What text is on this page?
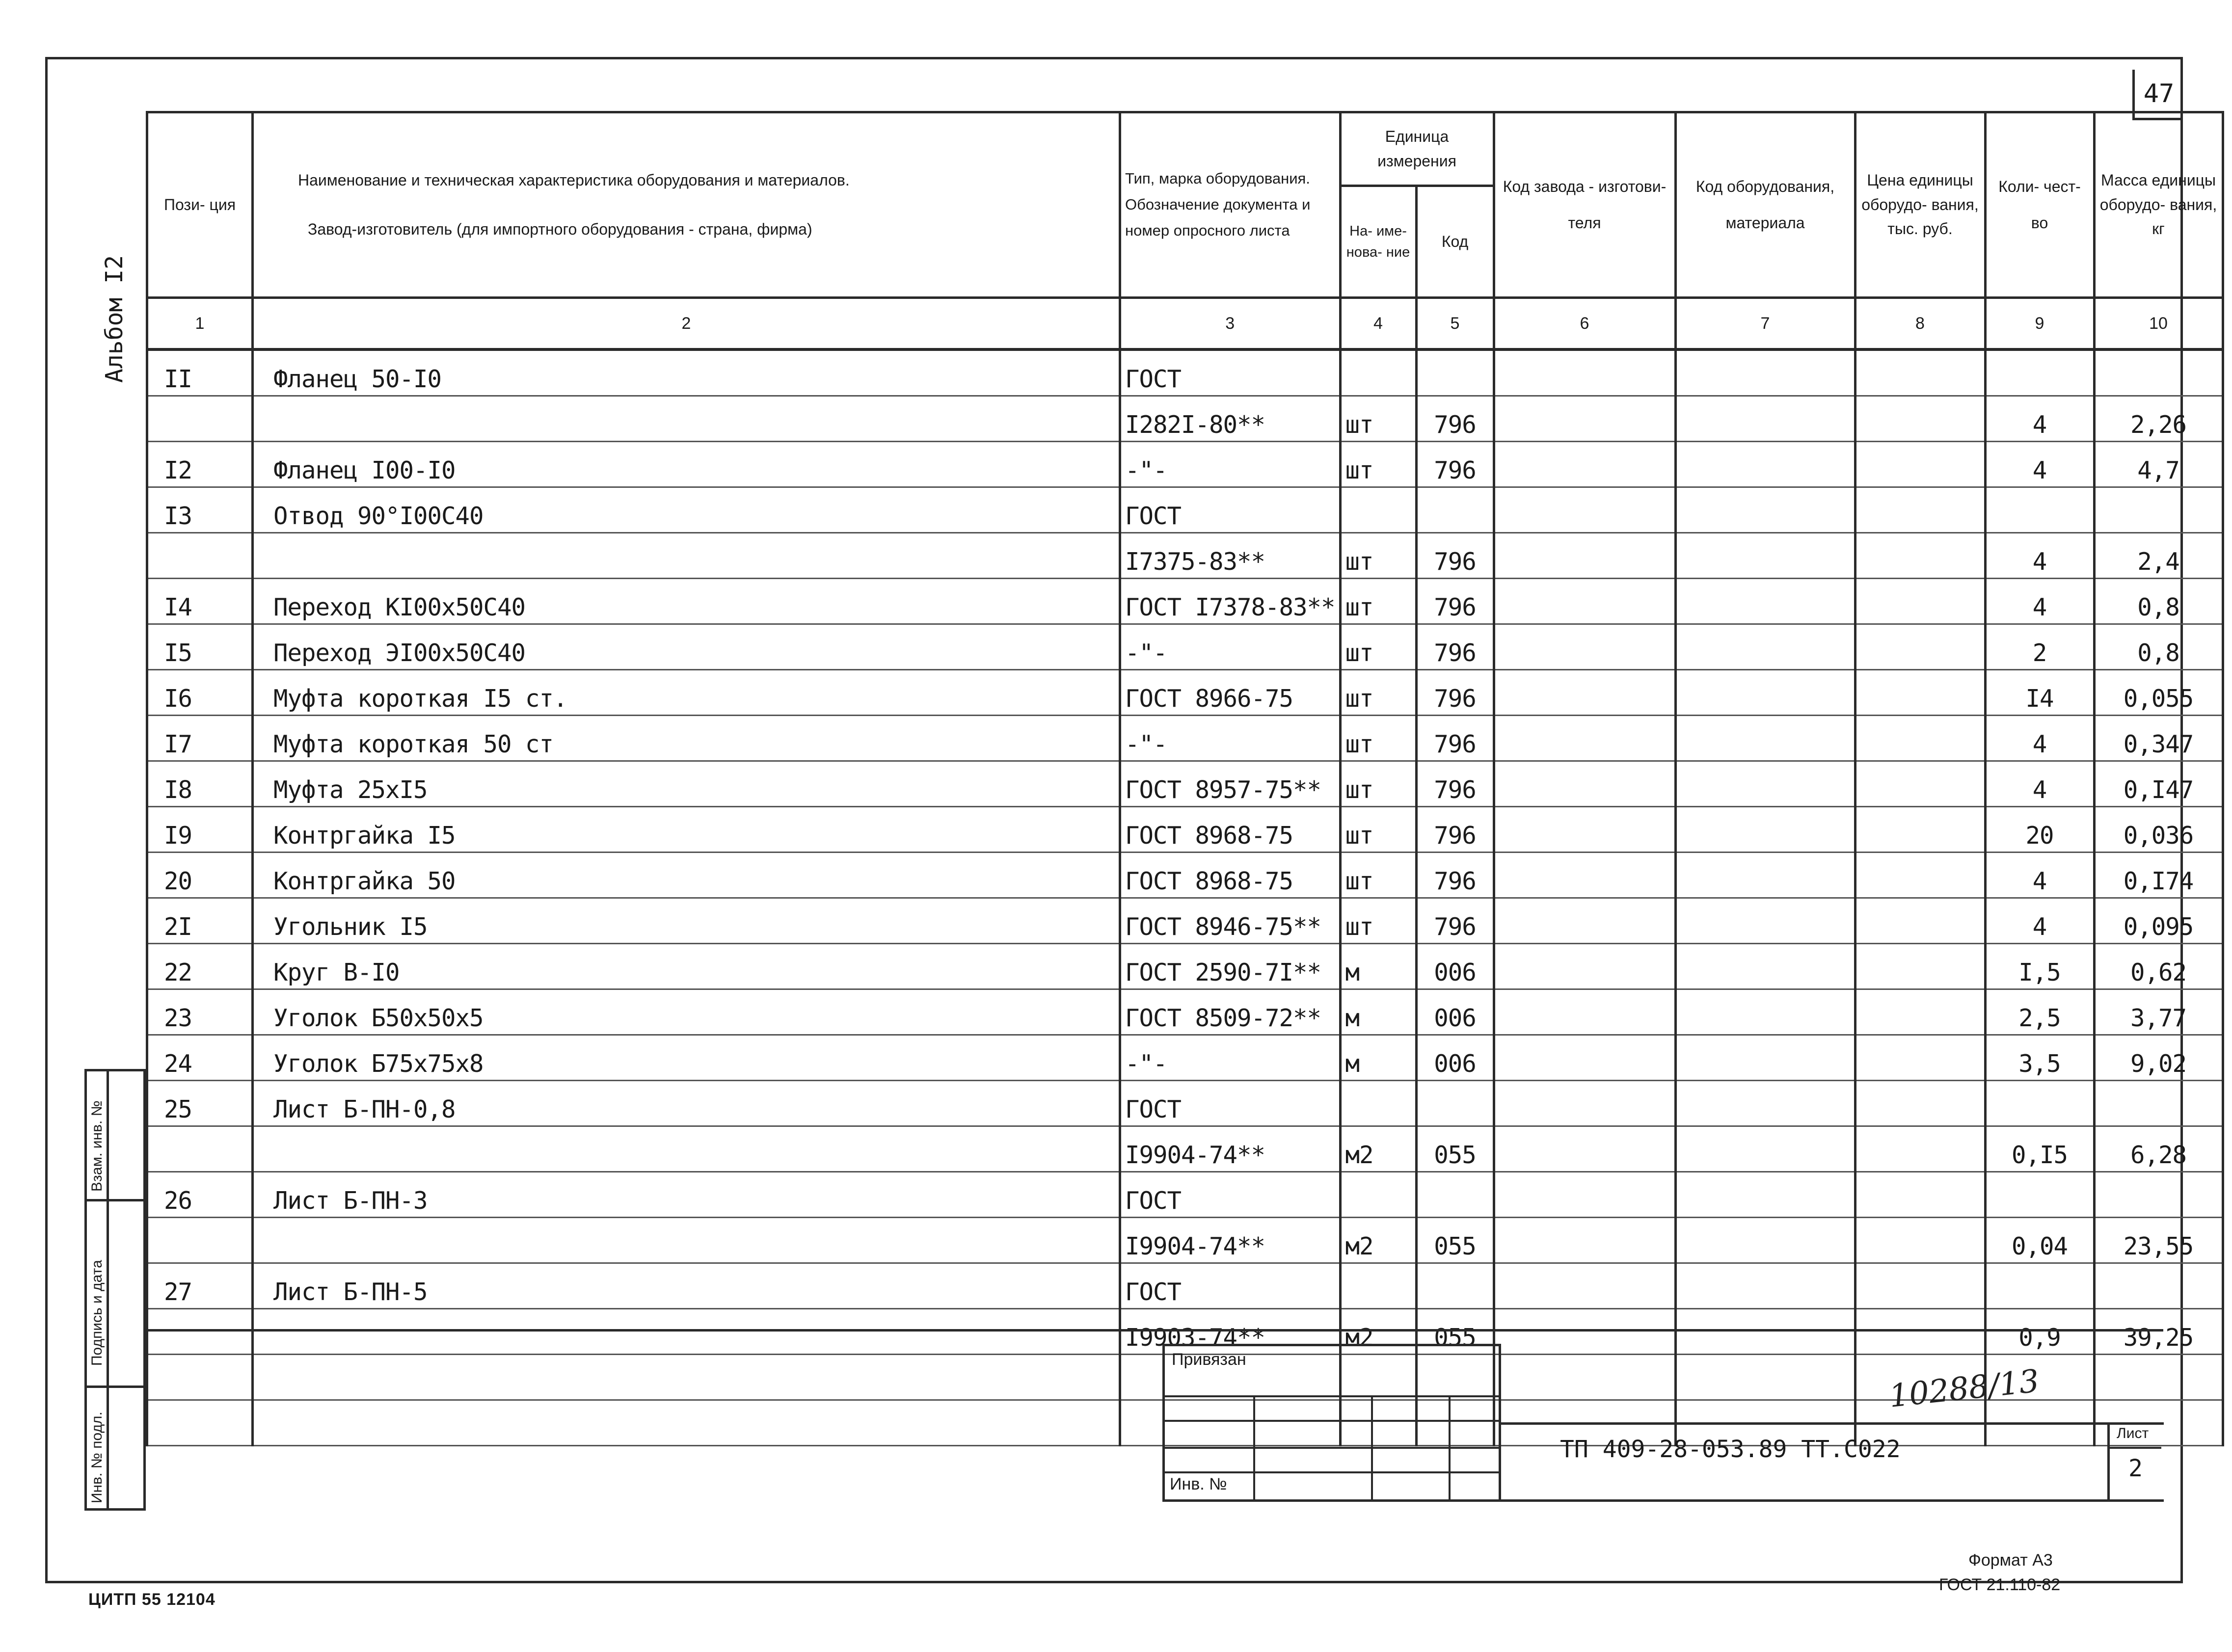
47
Альбом I2
Взам. инв. №
Подпись и дата
Инв. № подл.
Пози- ция	Наименование и техническая характеристика оборудования и материалов.
Завод-изготовитель (для импортного оборудования - страна, фирма)	Тип, марка оборудования. Обозначение документа и номер опросного листа	Единица измерения		Код завода - изготови- теля	Код оборудования, материала	Цена единицы оборудо- вания, тыс. руб.	Коли- чест- во	Масса единицы оборудо- вания, кг
			На- име- нова- ние	Код					
1	2	3	4	5	6	7	8	9	10
II	Фланец 50-I0	ГОСТ							
		I282I-80**	шт	796				4	2,26
I2	Фланец I00-I0	-"-	шт	796				4	4,7
I3	Отвод 90°I00С40	ГОСТ							
		I7375-83**	шт	796				4	2,4
I4	Переход КI00х50С40	ГОСТ I7378-83**	шт	796				4	0,8
I5	Переход ЭI00х50С40	-"-	шт	796				2	0,8
I6	Муфта короткая I5 ст.	ГОСТ 8966-75	шт	796				I4	0,055
I7	Муфта короткая 50 ст	-"-	шт	796				4	0,347
I8	Муфта 25хI5	ГОСТ 8957-75**	шт	796				4	0,I47
I9	Контргайка I5	ГОСТ 8968-75	шт	796				20	0,036
20	Контргайка 50	ГОСТ 8968-75	шт	796				4	0,I74
2I	Угольник I5	ГОСТ 8946-75**	шт	796				4	0,095
22	Круг В-I0	ГОСТ 2590-7I**	м	006				I,5	0,62
23	Уголок Б50х50х5	ГОСТ 8509-72**	м	006				2,5	3,77
24	Уголок Б75х75х8	-"-	м	006				3,5	9,02
25	Лист Б-ПН-0,8	ГОСТ							
		I9904-74**	м2	055				0,I5	6,28
26	Лист Б-ПН-3	ГОСТ							
		I9904-74**	м2	055				0,04	23,55
27	Лист Б-ПН-5	ГОСТ							
		I9903-74**	м2	055				0,9	39,25

Привязан
Инв. №
10288/13
ТП 409-28-053.89 ТТ.С022
Лист
2
ЦИТП 55 12104
Формат А3
ГОСТ 21.110-82
